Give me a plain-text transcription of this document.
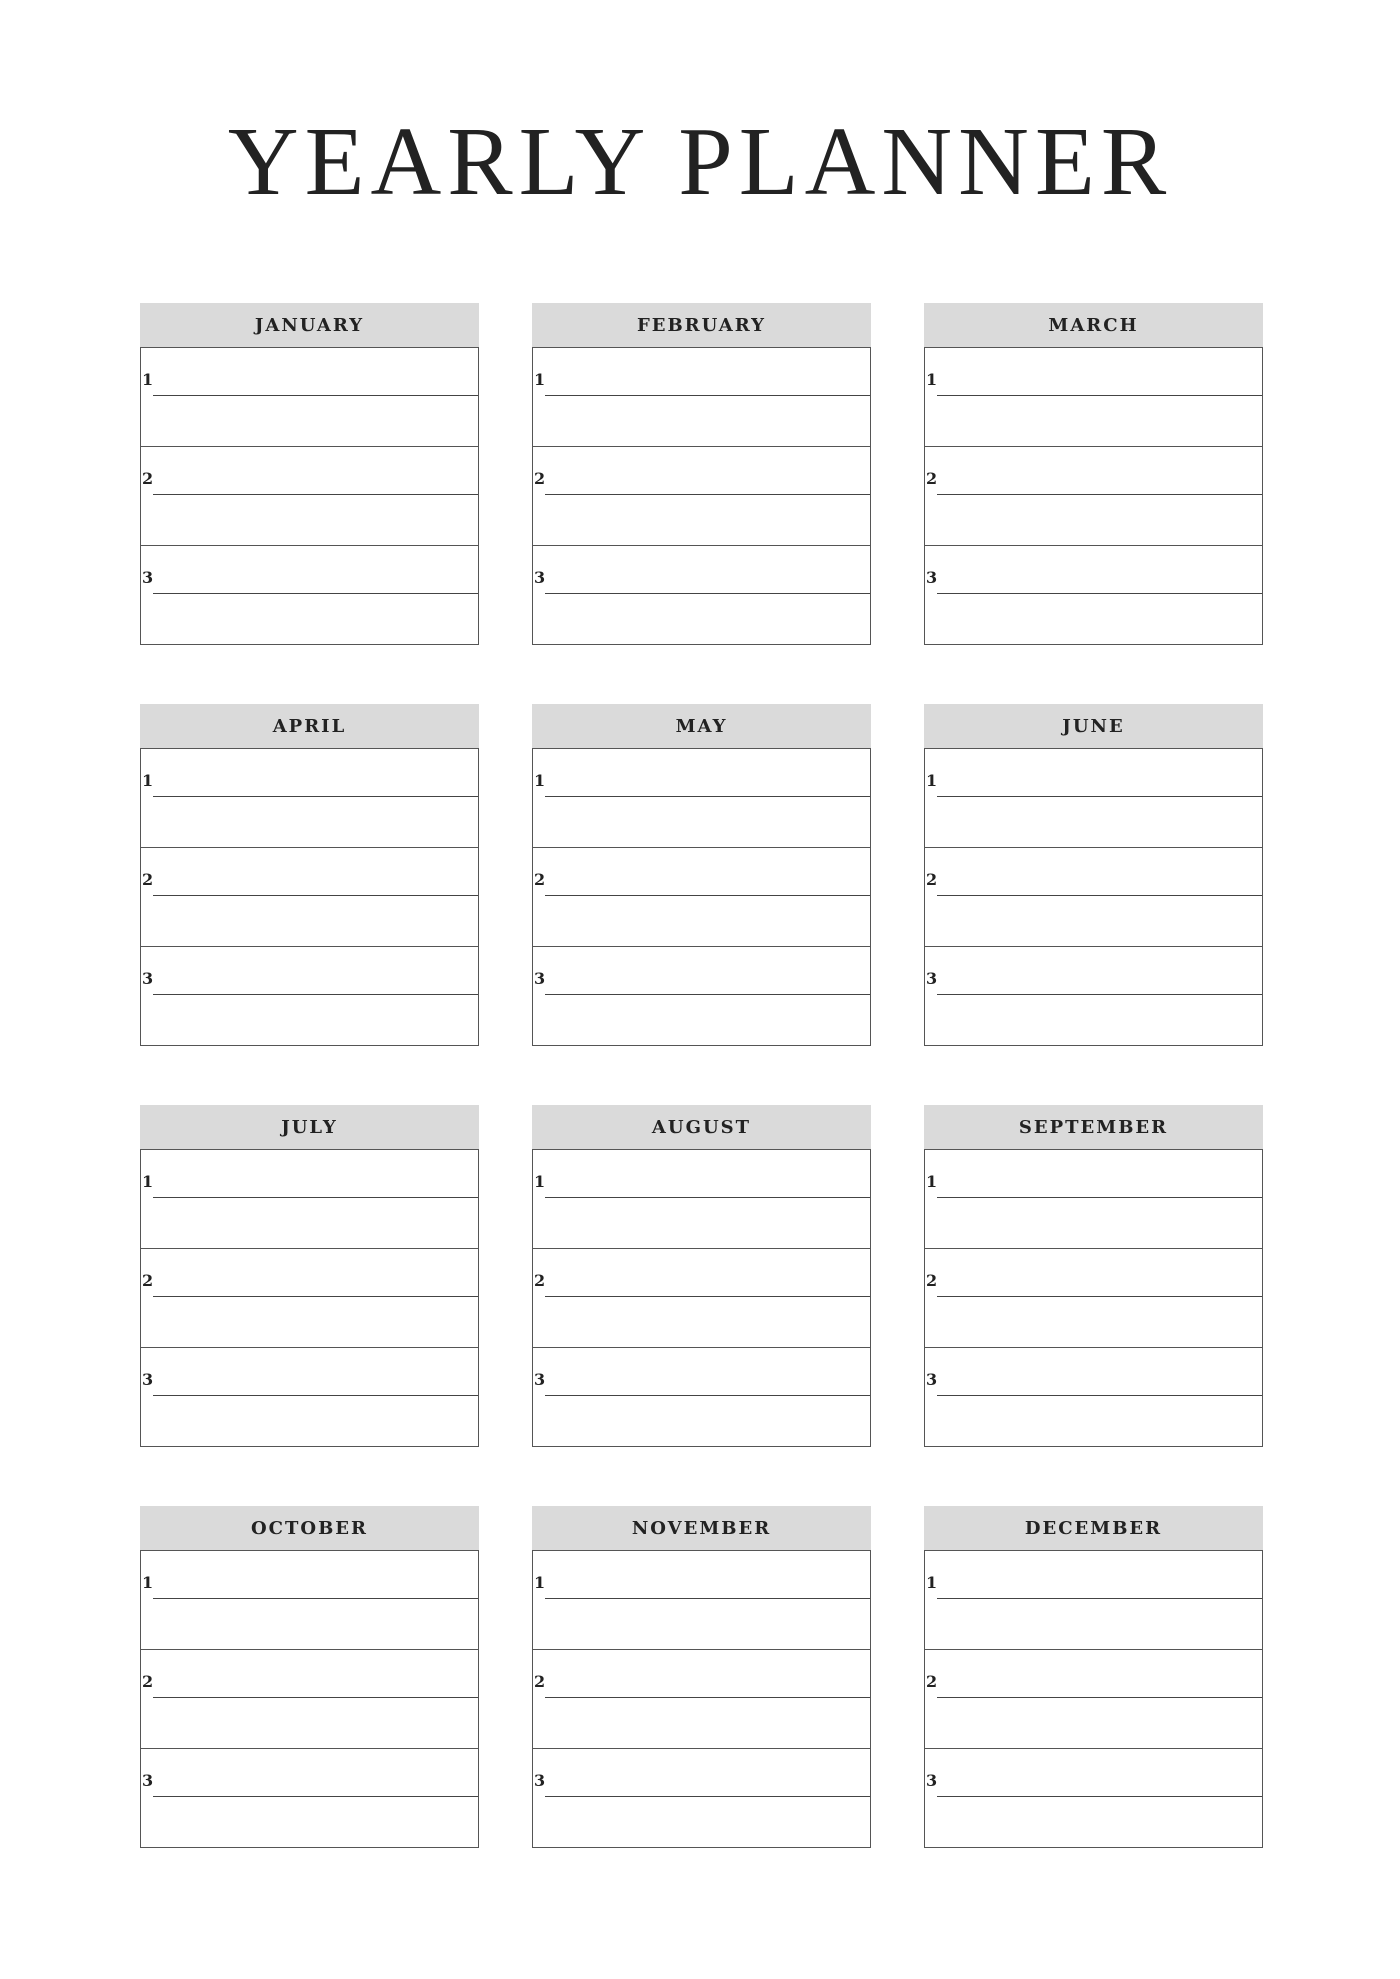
YEARLY PLANNER
JANUARY
1
2
3
FEBRUARY
1
2
3
MARCH
1
2
3
APRIL
1
2
3
MAY
1
2
3
JUNE
1
2
3
JULY
1
2
3
AUGUST
1
2
3
SEPTEMBER
1
2
3
OCTOBER
1
2
3
NOVEMBER
1
2
3
DECEMBER
1
2
3
